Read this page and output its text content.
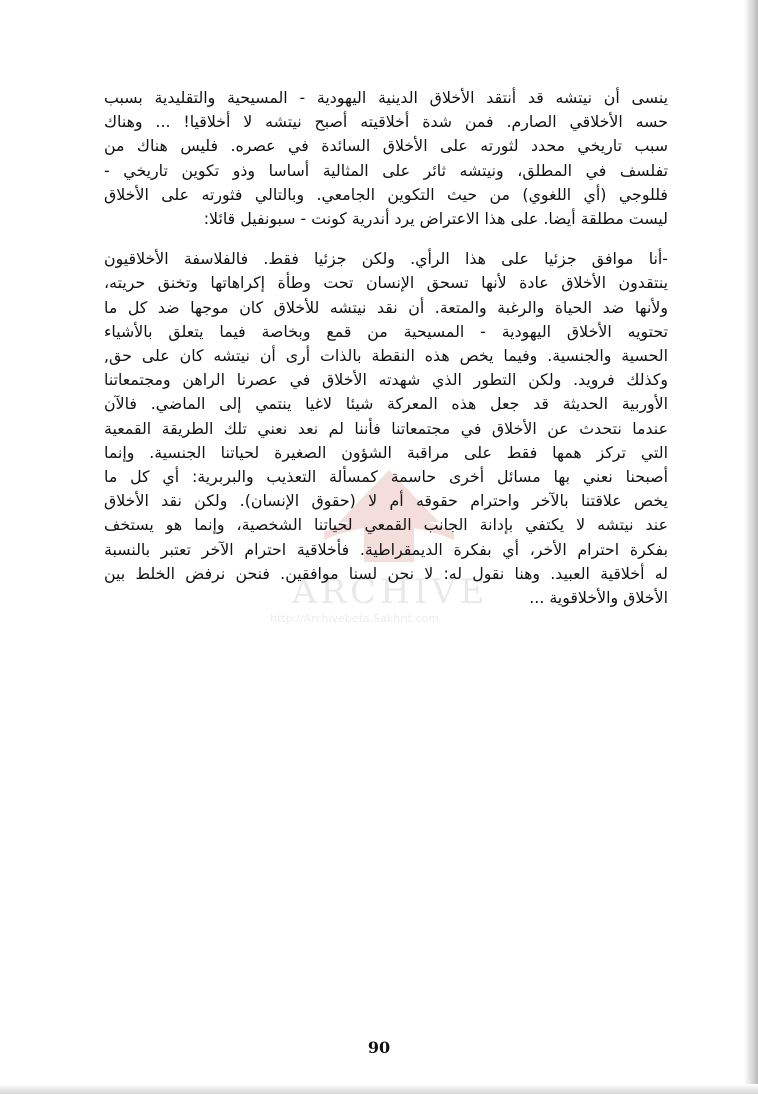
ARCHIVE
http://Archivebeta.Sakhrit.com

ينسى أن نيتشه قد أنتقد الأخلاق الدينية اليهودية - المسيحية والتقليدية بسبب
حسه الأخلاقي الصارم. فمن شدة أخلاقيته أصبح نيتشه لا أخلاقيا! ... وهناك
سبب تاريخي محدد لثورته على الأخلاق السائدة في عصره. فليس هناك من
تفلسف في المطلق، ونيتشه ثائر على المثالية أساسا وذو تكوين تاريخي -
فللوجي (أي اللغوي) من حيث التكوين الجامعي. وبالتالي فثورته على الأخلاق
ليست مطلقة أيضا. على هذا الاعتراض يرد أندرية كونت - سبونفيل قائلا:

-أنا موافق جزئيا على هذا الرأي. ولكن جزئيا فقط. فالفلاسفة الأخلاقيون
ينتقدون الأخلاق عادة لأنها تسحق الإنسان تحت وطأة إكراهاتها وتخنق حريته،
ولأنها ضد الحياة والرغبة والمتعة. أن نقد نيتشه للأخلاق كان موجها ضد كل ما
تحتويه الأخلاق اليهودية - المسيحية من قمع وبخاصة فيما يتعلق بالأشياء
الحسية والجنسية. وفيما يخص هذه النقطة بالذات أرى أن نيتشه كان على حق,
وكذلك فرويد. ولكن التطور الذي شهدته الأخلاق في عصرنا الراهن ومجتمعاتنا
الأوربية الحديثة قد جعل هذه المعركة شيئا لاغيا ينتمي إلى الماضي. فالآن
عندما نتحدث عن الأخلاق في مجتمعاتنا فأننا لم نعد نعني تلك الطريقة القمعية
التي تركز همها فقط على مراقبة الشؤون الصغيرة لحياتنا الجنسية. وإنما
أصبحنا نعني بها مسائل أخرى حاسمة كمسألة التعذيب والبربرية: أي كل ما
يخص علاقتنا بالآخر واحترام حقوقه أم لا (حقوق الإنسان). ولكن نقد الأخلاق
عند نيتشه لا يكتفي بإدانة الجانب القمعي لحياتنا الشخصية، وإنما هو يستخف
بفكرة احترام الأخر، أي بفكرة الديمقراطية. فأخلاقية احترام الآخر تعتبر بالنسبة
له أخلاقية العبيد. وهنا نقول له: لا نحن لسنا موافقين. فنحن نرفض الخلط بين
الأخلاق والأخلاقوية ...

90
